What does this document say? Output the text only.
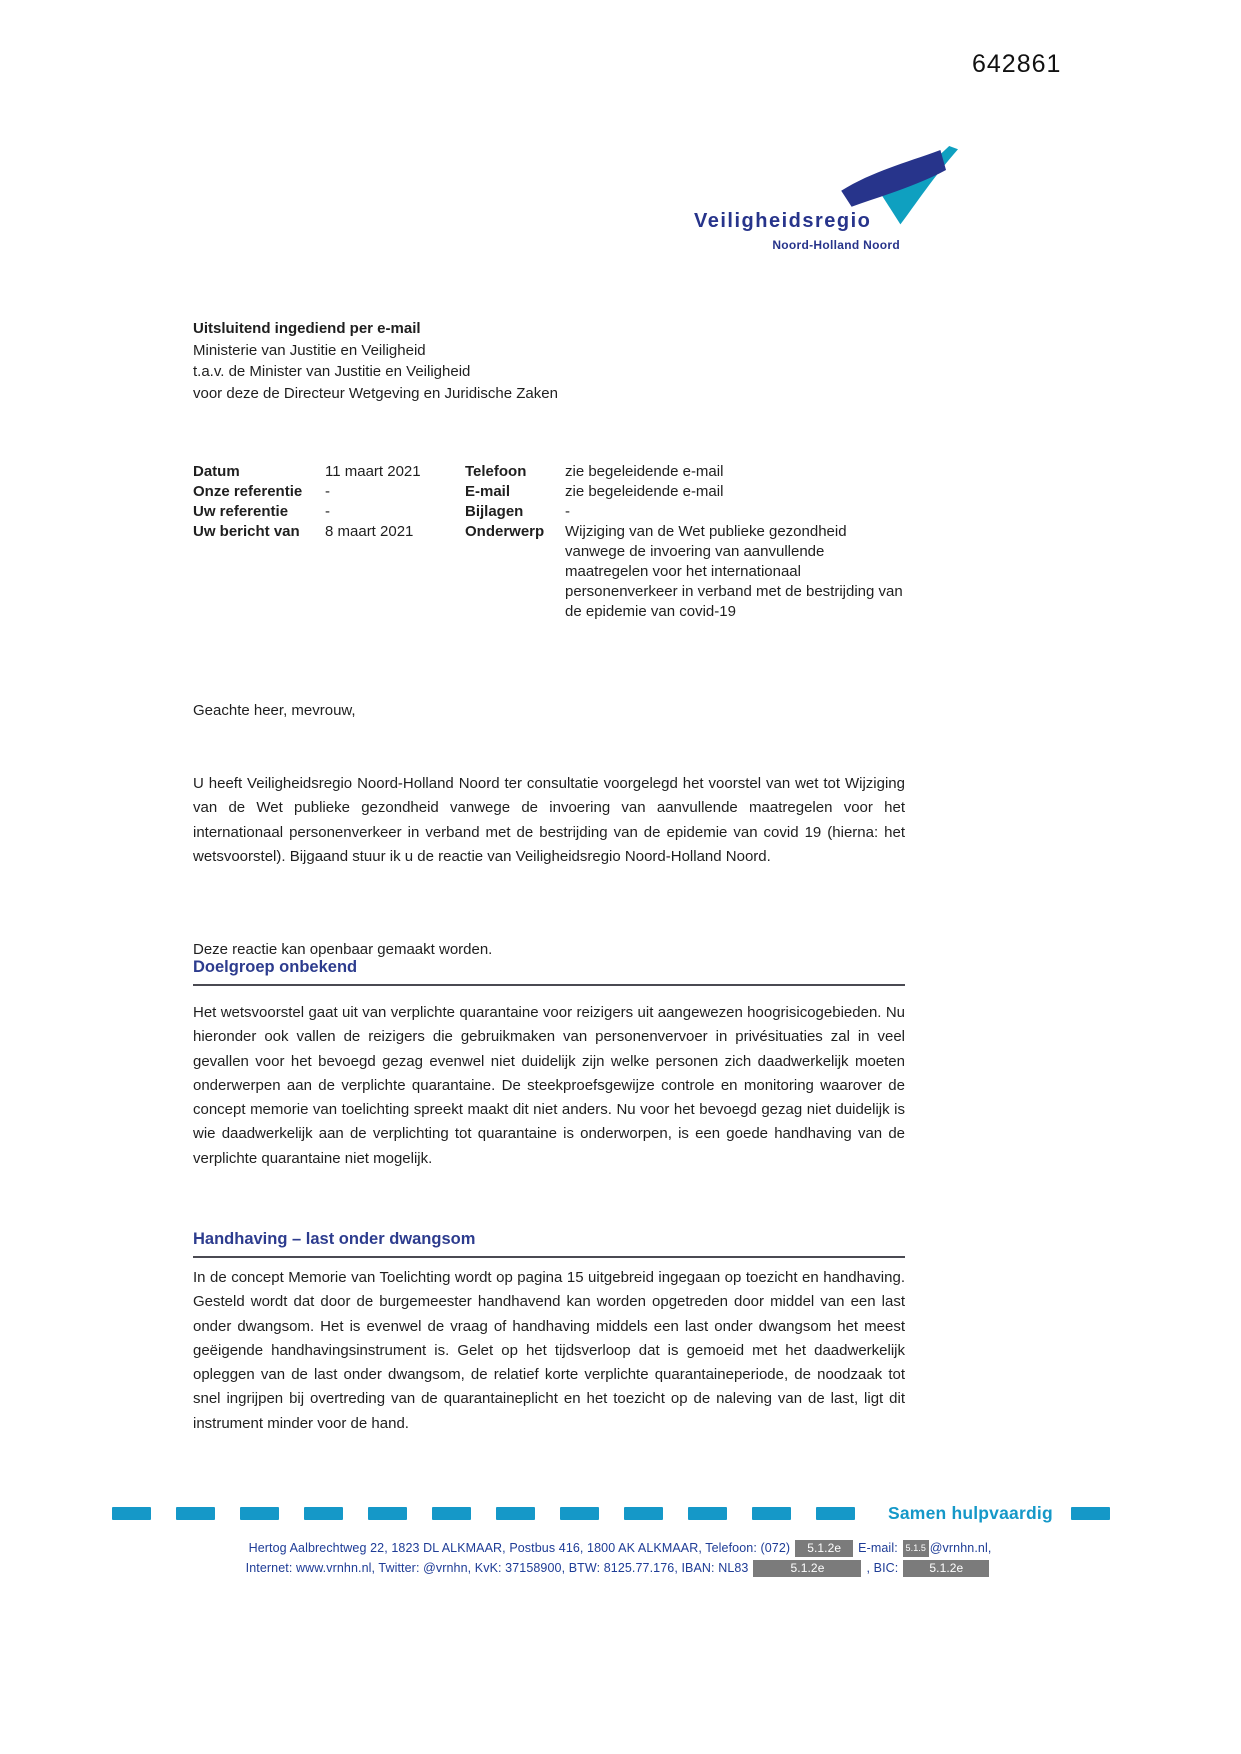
642861
Veiligheidsregio
Noord-Holland Noord
Uitsluitend ingediend per e-mail
Ministerie van Justitie en Veiligheid
t.a.v. de Minister van Justitie en Veiligheid
voor deze de Directeur Wetgeving en Juridische Zaken
Datum	11 maart 2021	Telefoon	zie begeleidende e-mail
Onze referentie	-	E-mail	zie begeleidende e-mail
Uw referentie	-	Bijlagen	-
Uw bericht van	8 maart 2021	Onderwerp	Wijziging van de Wet publieke gezondheid vanwege de invoering van aanvullende maatregelen voor het internationaal personenverkeer in verband met de bestrijding van de epidemie van covid-19
Geachte heer, mevrouw,

U heeft Veiligheidsregio Noord-Holland Noord ter consultatie voorgelegd het voorstel van wet tot Wijziging van de Wet publieke gezondheid vanwege de invoering van aanvullende maatregelen voor het internationaal personenverkeer in verband met de bestrijding van de epidemie van covid 19 (hierna: het wetsvoorstel). Bijgaand stuur ik u de reactie van Veiligheidsregio Noord-Holland Noord.

Deze reactie kan openbaar gemaakt worden.

Doelgroep onbekend

Het wetsvoorstel gaat uit van verplichte quarantaine voor reizigers uit aangewezen hoogrisicogebieden. Nu hieronder ook vallen de reizigers die gebruikmaken van personenvervoer in privésituaties zal in veel gevallen voor het bevoegd gezag evenwel niet duidelijk zijn welke personen zich daadwerkelijk moeten onderwerpen aan de verplichte quarantaine. De steekproefsgewijze controle en monitoring waarover de concept memorie van toelichting spreekt maakt dit niet anders. Nu voor het bevoegd gezag niet duidelijk is wie daadwerkelijk aan de verplichting tot quarantaine is onderworpen, is een goede handhaving van de verplichte quarantaine niet mogelijk.

Handhaving – last onder dwangsom

In de concept Memorie van Toelichting wordt op pagina 15 uitgebreid ingegaan op toezicht en handhaving. Gesteld wordt dat door de burgemeester handhavend kan worden opgetreden door middel van een last onder dwangsom. Het is evenwel de vraag of handhaving middels een last onder dwangsom het meest geëigende handhavingsinstrument is. Gelet op het tijdsverloop dat is gemoeid met het daadwerkelijk opleggen van de last onder dwangsom, de relatief korte verplichte quarantaineperiode, de noodzaak tot snel ingrijpen bij overtreding van de quarantaineplicht en het toezicht op de naleving van de last, ligt dit instrument minder voor de hand.

Samen hulpvaardig
Hertog Aalbrechtweg 22, 1823 DL ALKMAAR, Postbus 416, 1800 AK ALKMAAR, Telefoon: (072)	5.1.2e	E-mail: 5.1.5 @vrnhn.nl,
Internet: www.vrnhn.nl, Twitter: @vrnhn, KvK: 37158900, BTW: 8125.77.176, IBAN: NL83	5.1.2e	, BIC:	5.1.2e
